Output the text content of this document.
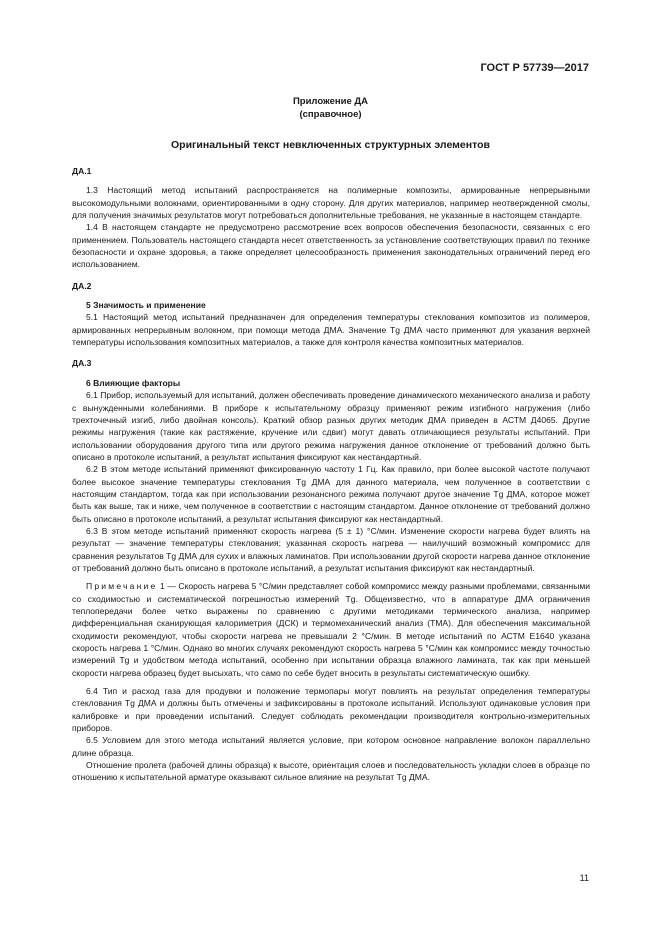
ГОСТ Р 57739—2017
Приложение ДА
(справочное)
Оригинальный текст невключенных структурных элементов
ДА.1

1.3 Настоящий метод испытаний распространяется на полимерные композиты, армированные непрерывными высокомодульными волокнами, ориентированными в одну сторону. Для других материалов, например неотвержденной смолы, для получения значимых результатов могут потребоваться дополнительные требования, не указанные в настоящем стандарте.

1.4 В настоящем стандарте не предусмотрено рассмотрение всех вопросов обеспечения безопасности, связанных с его применением. Пользователь настоящего стандарта несет ответственность за установление соответствующих правил по технике безопасности и охране здоровья, а также определяет целесообразность применения законодательных ограничений перед его использованием.

ДА.2

5 Значимость и применение

5.1 Настоящий метод испытаний предназначен для определения температуры стеклования композитов из полимеров, армированных непрерывным волокном, при помощи метода ДМА. Значение Tg ДМА часто применяют для указания верхней температуры использования композитных материалов, а также для контроля качества композитных материалов.

ДА.3

6 Влияющие факторы

6.1 Прибор, используемый для испытаний, должен обеспечивать проведение динамического механического анализа и работу с вынужденными колебаниями. В приборе к испытательному образцу применяют режим изгибного нагружения (либо трехточечный изгиб, либо двойная консоль). Краткий обзор разных других методик ДМА приведен в АСТМ Д4065. Другие режимы нагружения (такие как растяжение, кручение или сдвиг) могут давать отличающиеся результаты испытаний. При использовании оборудования другого типа или другого режима нагружения данное отклонение от требований должно быть описано в протоколе испытаний, а результат испытания фиксируют как нестандартный.

6.2 В этом методе испытаний применяют фиксированную частоту 1 Гц. Как правило, при более высокой частоте получают более высокое значение температуры стеклования Tg ДМА для данного материала, чем полученное в соответствии с настоящим стандартом, тогда как при использовании резонансного режима получают другое значение Tg ДМА, которое может быть как выше, так и ниже, чем полученное в соответствии с настоящим стандартом. Данное отклонение от требований должно быть описано в протоколе испытаний, а результат испытания фиксируют как нестандартный.

6.3 В этом методе испытаний применяют скорость нагрева (5 ± 1) °С/мин. Изменение скорости нагрева будет влиять на результат — значение температуры стеклования; указанная скорость нагрева — наилучший возможный компромисс для сравнения результатов Tg ДМА для сухих и влажных ламинатов. При использовании другой скорости нагрева данное отклонение от требований должно быть описано в протоколе испытаний, а результат испытания фиксируют как нестандартный.

Примечание 1 — Скорость нагрева 5 °С/мин представляет собой компромисс между разными проблемами, связанными со сходимостью и систематической погрешностью измерений Tg. Общеизвестно, что в аппаратуре ДМА ограничения теплопередачи более четко выражены по сравнению с другими методиками термического анализа, например дифференциальная сканирующая калориметрия (ДСК) и термомеханический анализ (ТМА). Для обеспечения максимальной сходимости рекомендуют, чтобы скорости нагрева не превышали 2 °С/мин. В методе испытаний по АСТМ Е1640 указана скорость нагрева 1 °С/мин. Однако во многих случаях рекомендуют скорость нагрева 5 °С/мин как компромисс между точностью измерений Tg и удобством метода испытаний, особенно при испытании образца влажного ламината, так как при меньшей скорости нагрева образец будет высыхать, что само по себе будет вносить в результаты систематическую ошибку.

6.4 Тип и расход газа для продувки и положение термопары могут повлиять на результат определения температуры стеклования Tg ДМА и должны быть отмечены и зафиксированы в протоколе испытаний. Используют одинаковые условия при калибровке и при проведении испытаний. Следует соблюдать рекомендации производителя контрольно-измерительных приборов.

6.5 Условием для этого метода испытаний является условие, при котором основное направление волокон параллельно длине образца.

Отношение пролета (рабочей длины образца) к высоте, ориентация слоев и последовательность укладки слоев в образце по отношению к испытательной арматуре оказывают сильное влияние на результат Tg ДМА.

11
